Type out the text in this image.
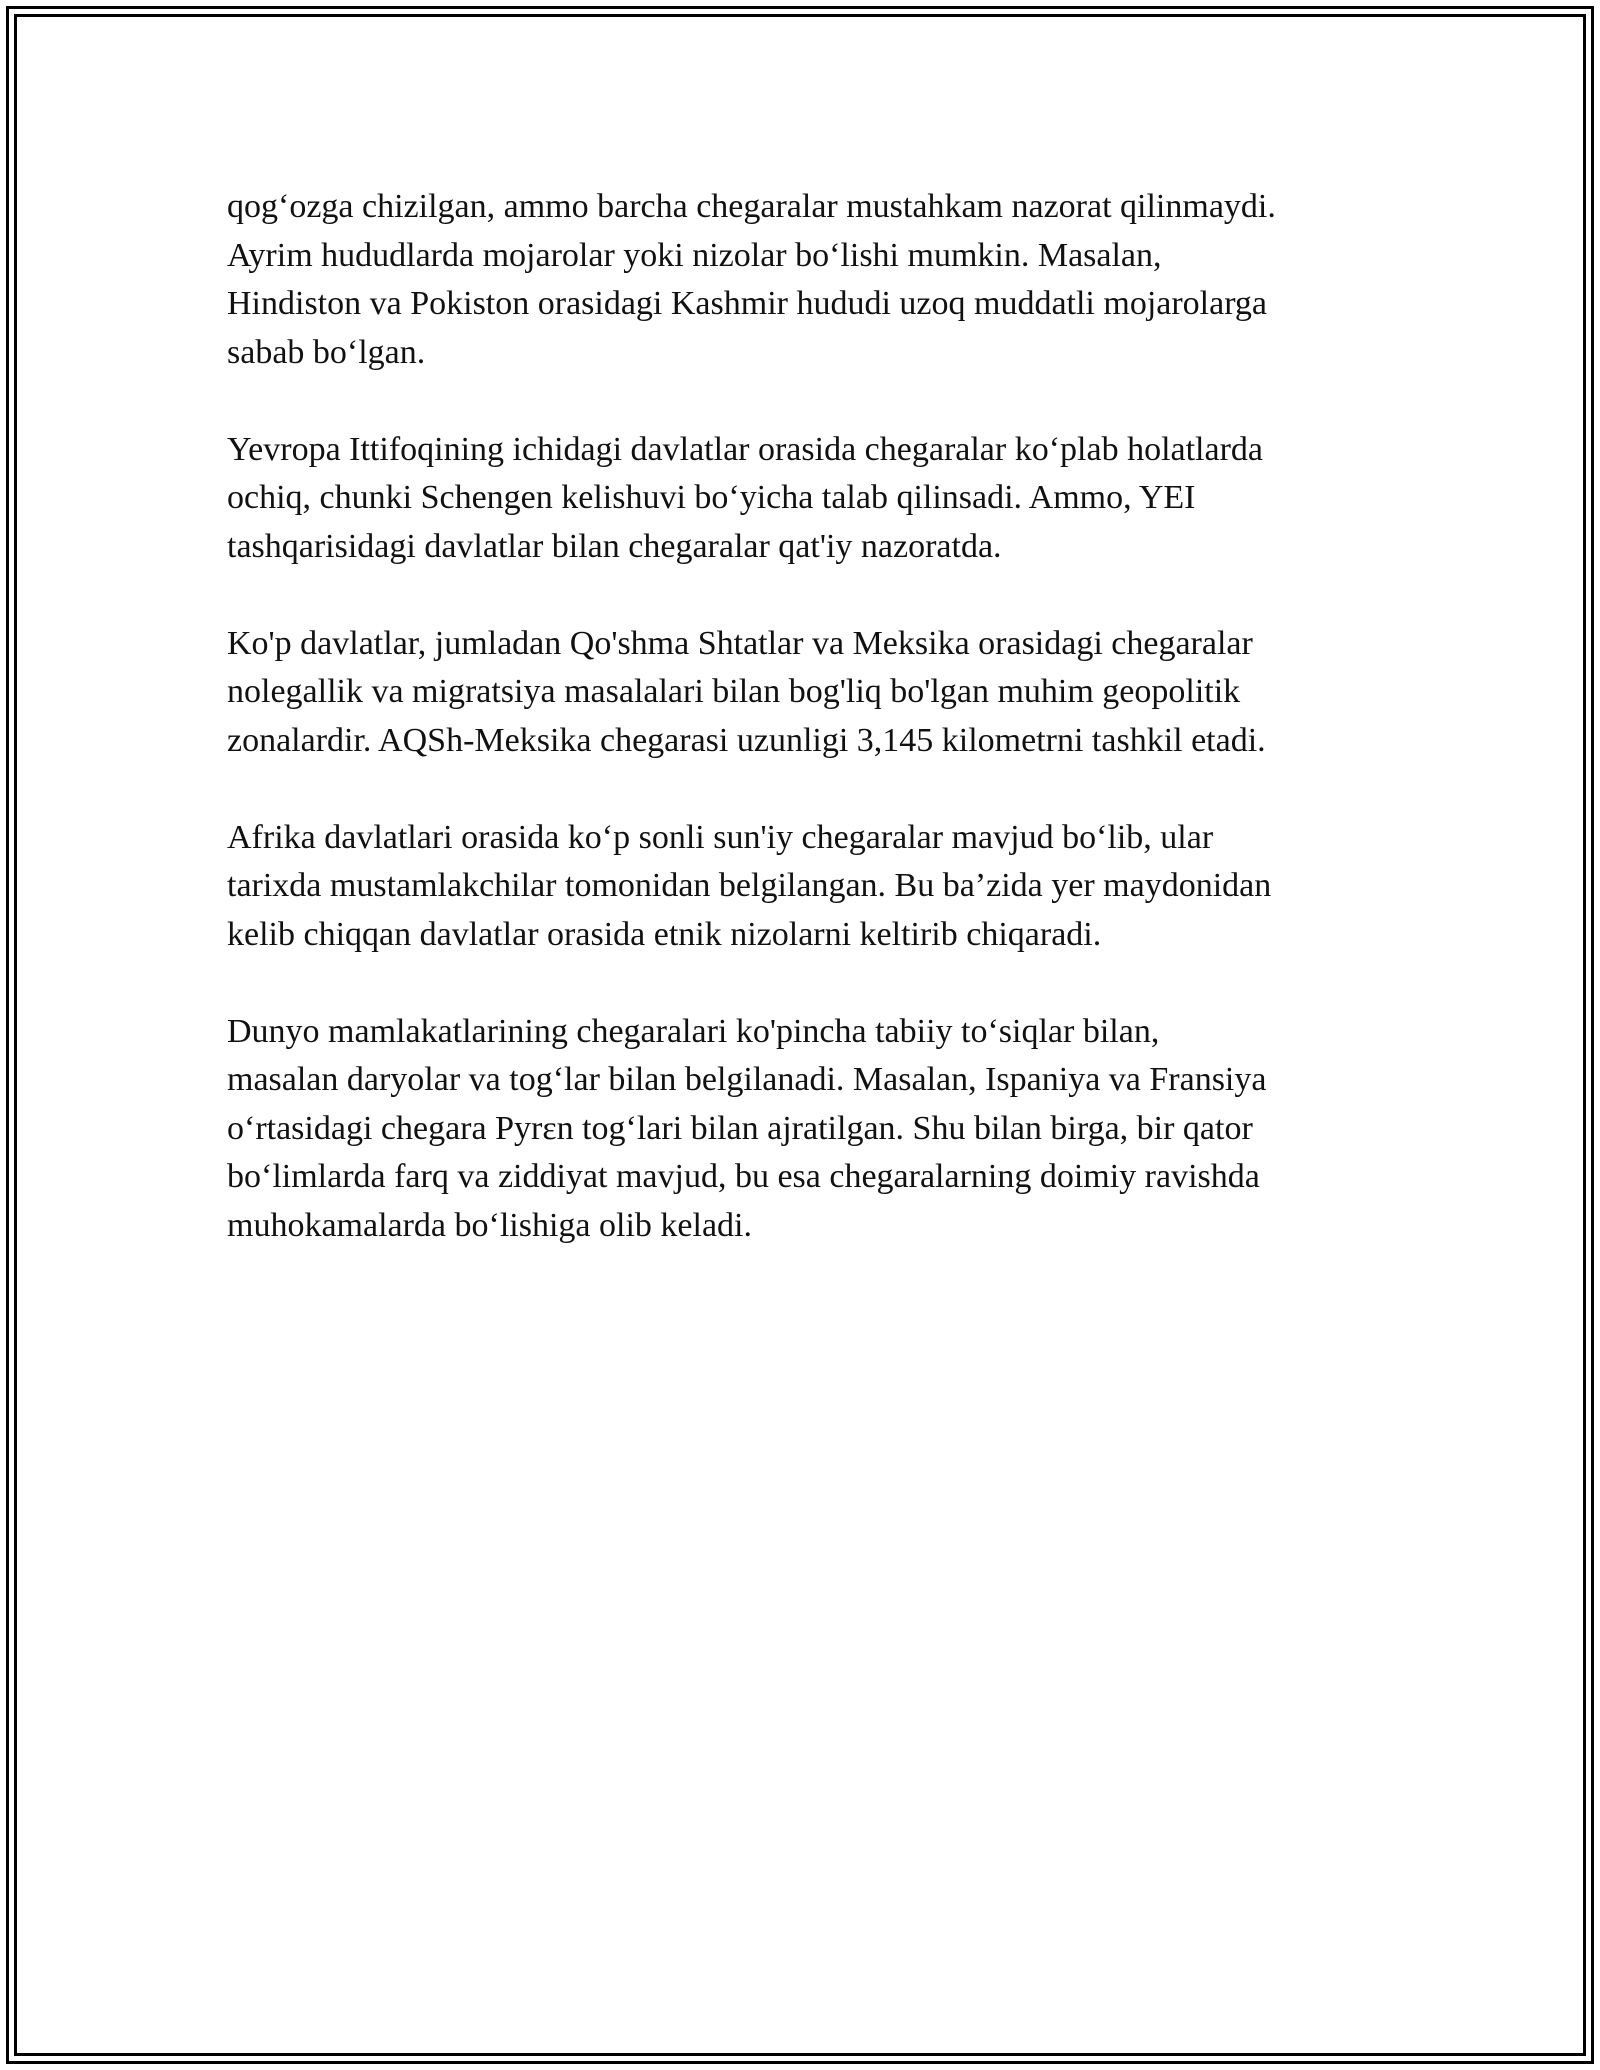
qog‘ozga chizilgan, ammo barcha chegaralar mustahkam nazorat qilinmaydi.
Ayrim hududlarda mojarolar yoki nizolar bo‘lishi mumkin. Masalan,
Hindiston va Pokiston orasidagi Kashmir hududi uzoq muddatli mojarolarga
sabab bo‘lgan.

Yevropa Ittifoqining ichidagi davlatlar orasida chegaralar ko‘plab holatlarda
ochiq, chunki Schengen kelishuvi bo‘yicha talab qilinsadi. Ammo, YEI
tashqarisidagi davlatlar bilan chegaralar qat'iy nazoratda.

Ko'p davlatlar, jumladan Qo'shma Shtatlar va Meksika orasidagi chegaralar
nolegallik va migratsiya masalalari bilan bog'liq bo'lgan muhim geopolitik
zonalardir. AQSh-Meksika chegarasi uzunligi 3,145 kilometrni tashkil etadi.

Afrika davlatlari orasida ko‘p sonli sun'iy chegaralar mavjud bo‘lib, ular
tarixda mustamlakchilar tomonidan belgilangan. Bu ba’zida yer maydonidan
kelib chiqqan davlatlar orasida etnik nizolarni keltirib chiqaradi.

Dunyo mamlakatlarining chegaralari ko'pincha tabiiy to‘siqlar bilan,
masalan daryolar va tog‘lar bilan belgilanadi. Masalan, Ispaniya va Fransiya
o‘rtasidagi chegara Pyrεn tog‘lari bilan ajratilgan. Shu bilan birga, bir qator
bo‘limlarda farq va ziddiyat mavjud, bu esa chegaralarning doimiy ravishda
muhokamalarda bo‘lishiga olib keladi.
